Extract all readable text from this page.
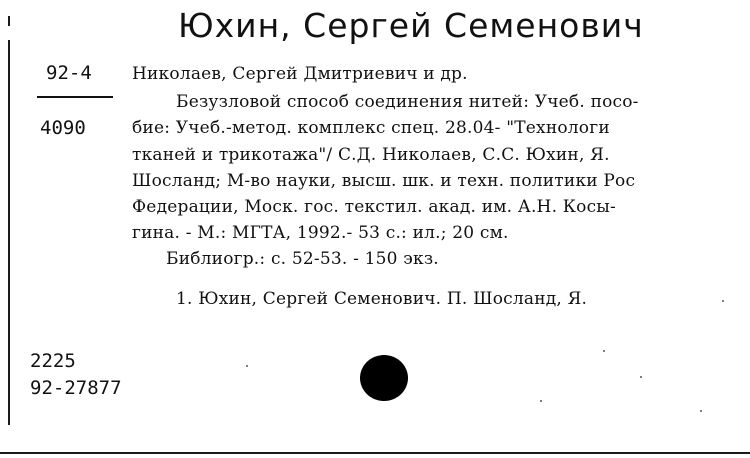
Юхин, Сергей Семенович
92-4
4090
Николаев, Сергей Дмитриевич и др.
Безузловой способ соединения нитей: Учеб. посо-
бие: Учеб.-метод. комплекс спец. 28.04- "Технологи
тканей и трикотажа"/ С.Д. Николаев, С.С. Юхин, Я.
Шосланд; М-во науки, высш. шк. и техн. политики Рос
Федерации, Моск. гос. текстил. акад. им. А.Н. Косы-
гина. - М.: МГТА, 1992.- 53 с.: ил.; 20 см.
Библиогр.: с. 52-53. - 150 экз.
1. Юхин, Сергей Семенович. П. Шосланд, Я.
2225
92-27877
